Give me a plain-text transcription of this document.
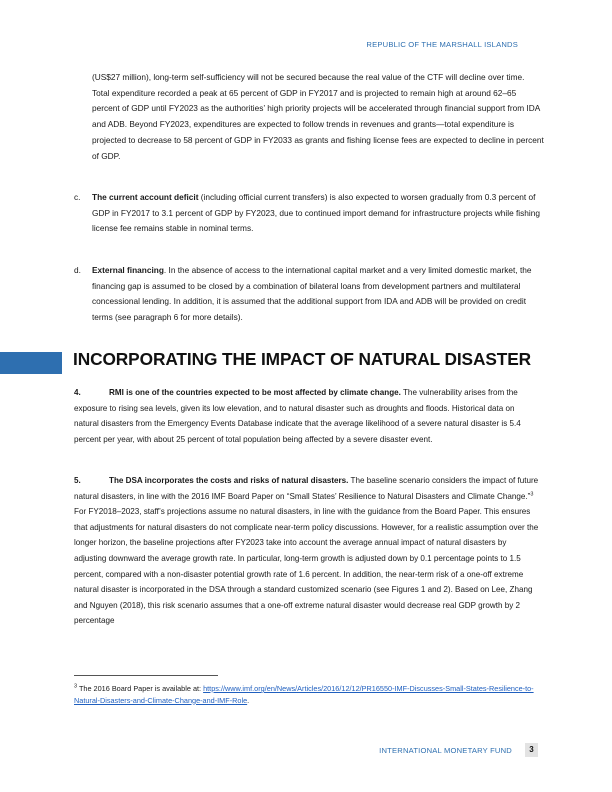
REPUBLIC OF THE MARSHALL ISLANDS

(US$27 million), long-term self-sufficiency will not be secured because the real value of the CTF will decline over time. Total expenditure recorded a peak at 65 percent of GDP in FY2017 and is projected to remain high at around 62–65 percent of GDP until FY2023 as the authorities’ high priority projects will be accelerated through financial support from IDA and ADB. Beyond FY2023, expenditures are expected to follow trends in revenues and grants—total expenditure is projected to decrease to 58 percent of GDP in FY2033 as grants and fishing license fees are expected to decline in percent of GDP.

c. The current account deficit (including official current transfers) is also expected to worsen gradually from 0.3 percent of GDP in FY2017 to 3.1 percent of GDP by FY2023, due to continued import demand for infrastructure projects while fishing license fee remains stable in nominal terms.
d. External financing. In the absence of access to the international capital market and a very limited domestic market, the financing gap is assumed to be closed by a combination of bilateral loans from development partners and multilateral concessional lending. In addition, it is assumed that the additional support from IDA and ADB will be provided on credit terms (see paragraph 6 for more details).
INCORPORATING THE IMPACT OF NATURAL DISASTER
4.	RMI is one of the countries expected to be most affected by climate change. The vulnerability arises from the exposure to rising sea levels, given its low elevation, and to natural disaster such as droughts and floods. Historical data on natural disasters from the Emergency Events Database indicate that the average likelihood of a severe natural disaster is 5.4 percent per year, with about 25 percent of total population being affected by a severe disaster event.
5.	The DSA incorporates the costs and risks of natural disasters. The baseline scenario considers the impact of future natural disasters, in line with the 2016 IMF Board Paper on “Small States’ Resilience to Natural Disasters and Climate Change.”$^3$ For FY2018–2023, staff’s projections assume no natural disasters, in line with the guidance from the Board Paper. This ensures that adjustments for natural disasters do not complicate near-term policy discussions. However, for a realistic assumption over the longer horizon, the baseline projections after FY2023 take into account the average annual impact of natural disasters by adjusting downward the average growth rate. In particular, long-term growth is adjusted down by 0.1 percentage points to 1.5 percent, compared with a non-disaster potential growth rate of 1.6 percent. In addition, the near-term risk of a one-off extreme natural disaster is incorporated in the DSA through a standard customized scenario (see Figures 1 and 2). Based on Lee, Zhang and Nguyen (2018), this risk scenario assumes that a one-off extreme natural disaster would decrease real GDP growth by 2 percentage
$^3$ The 2016 Board Paper is available at: https://www.imf.org/en/News/Articles/2016/12/12/PR16550-IMF-Discusses-Small-States-Resilience-to-Natural-Disasters-and-Climate-Change-and-IMF-Role.
INTERNATIONAL MONETARY FUND	3
